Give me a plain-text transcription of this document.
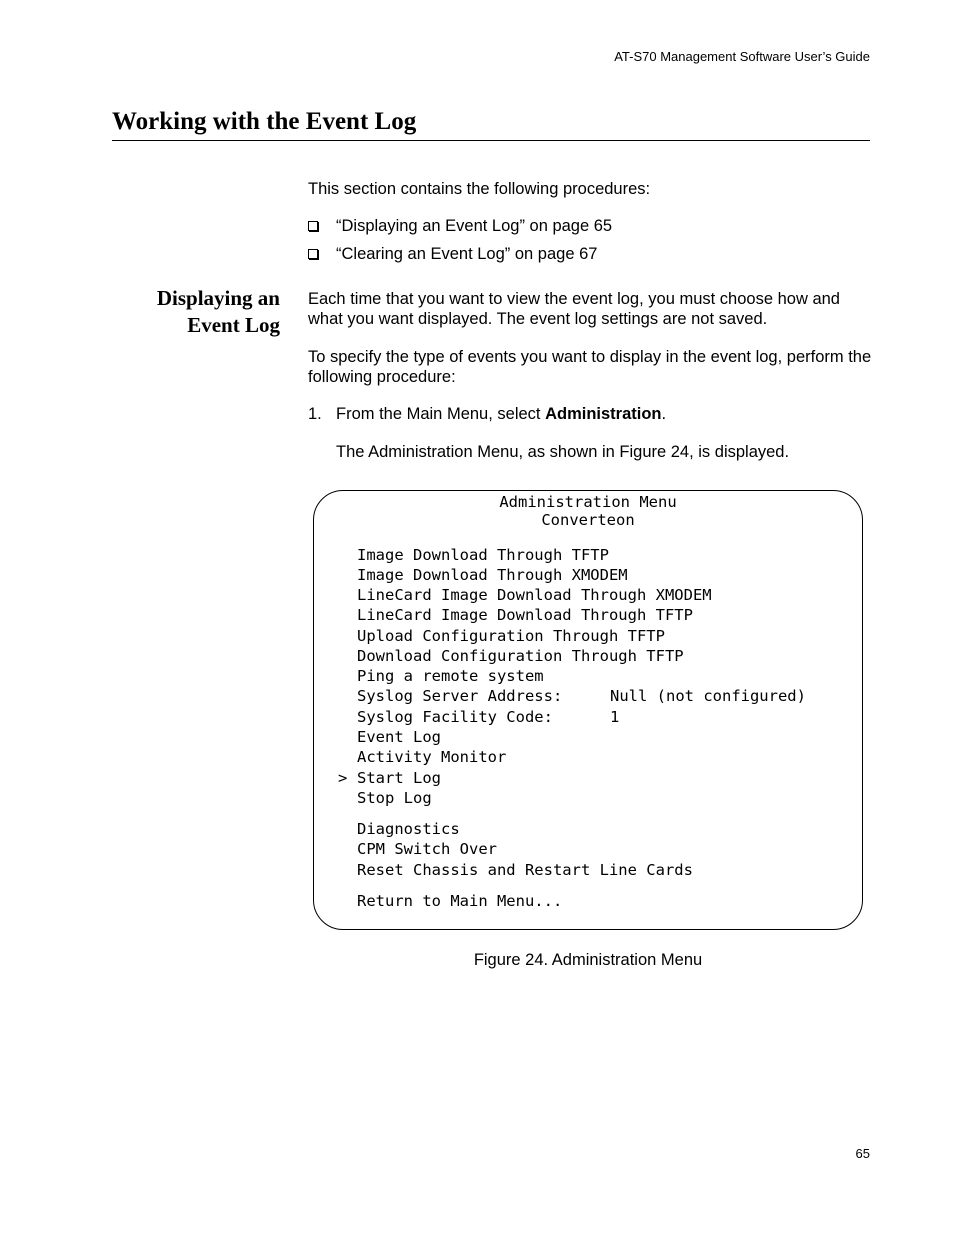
AT-S70 Management Software User’s Guide
Working with the Event Log
This section contains the following procedures:
“Displaying an Event Log” on page 65
“Clearing an Event Log” on page 67
Displaying an
Event Log
Each time that you want to view the event log, you must choose how and what you want displayed. The event log settings are not saved.
To specify the type of events you want to display in the event log, perform the following procedure:
1. From the Main Menu, select Administration.
The Administration Menu, as shown in Figure 24, is displayed.
Administration Menu
Converteon
Image Download Through TFTP
Image Download Through XMODEM
LineCard Image Download Through XMODEM
LineCard Image Download Through TFTP
Upload Configuration Through TFTP
Download Configuration Through TFTP
Ping a remote system
Syslog Server Address:	Null (not configured)
Syslog Facility Code:	1
Event Log
Activity Monitor
> Start Log
Stop Log
Diagnostics
CPM Switch Over
Reset Chassis and Restart Line Cards
Return to Main Menu...
Figure 24. Administration Menu
65
